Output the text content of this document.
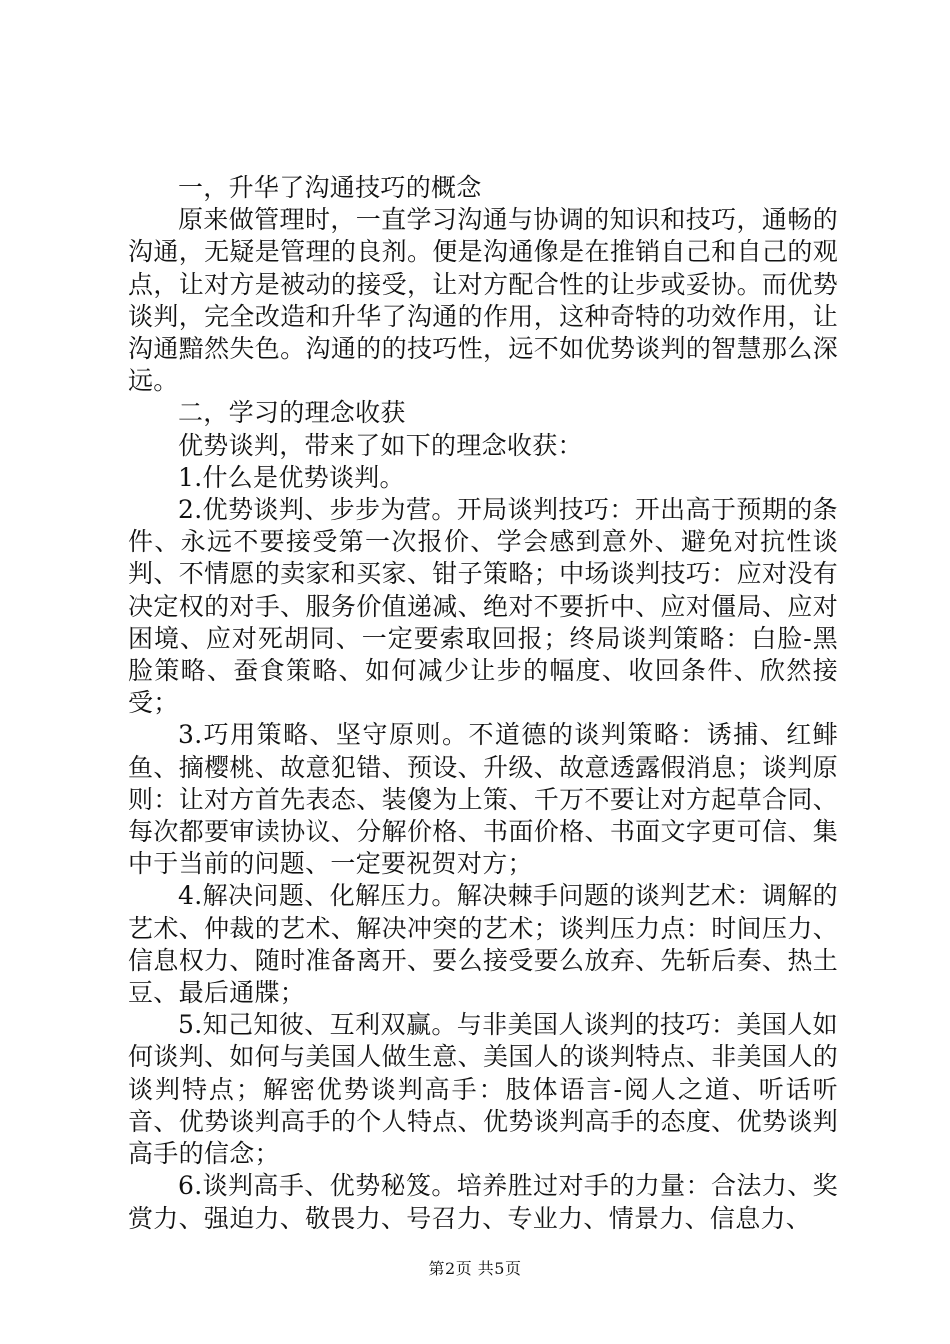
一，升华了沟通技巧的概念

原来做管理时，一直学习沟通与协调的知识和技巧，通畅的沟通，无疑是管理的良剂。便是沟通像是在推销自己和自己的观点，让对方是被动的接受，让对方配合性的让步或妥协。而优势谈判，完全改造和升华了沟通的作用，这种奇特的功效作用，让沟通黯然失色。沟通的的技巧性，远不如优势谈判的智慧那么深远。

二，学习的理念收获

优势谈判，带来了如下的理念收获：

1.什么是优势谈判。

2.优势谈判、步步为营。开局谈判技巧：开出高于预期的条件、永远不要接受第一次报价、学会感到意外、避免对抗性谈判、不情愿的卖家和买家、钳子策略；中场谈判技巧：应对没有决定权的对手、服务价值递减、绝对不要折中、应对僵局、应对困境、应对死胡同、一定要索取回报；终局谈判策略：白脸-黑脸策略、蚕食策略、如何减少让步的幅度、收回条件、欣然接受；

3.巧用策略、坚守原则。不道德的谈判策略：诱捕、红鲱鱼、摘樱桃、故意犯错、预设、升级、故意透露假消息；谈判原则：让对方首先表态、装傻为上策、千万不要让对方起草合同、每次都要审读协议、分解价格、书面价格、书面文字更可信、集中于当前的问题、一定要祝贺对方；

4.解决问题、化解压力。解决棘手问题的谈判艺术：调解的艺术、仲裁的艺术、解决冲突的艺术；谈判压力点：时间压力、信息权力、随时准备离开、要么接受要么放弃、先斩后奏、热土豆、最后通牒；

5.知己知彼、互利双赢。与非美国人谈判的技巧：美国人如何谈判、如何与美国人做生意、美国人的谈判特点、非美国人的谈判特点；解密优势谈判高手：肢体语言-阅人之道、听话听音、优势谈判高手的个人特点、优势谈判高手的态度、优势谈判高手的信念；

6.谈判高手、优势秘笈。培养胜过对手的力量：合法力、奖赏力、强迫力、敬畏力、号召力、专业力、情景力、信息力、

第2页 共5页
